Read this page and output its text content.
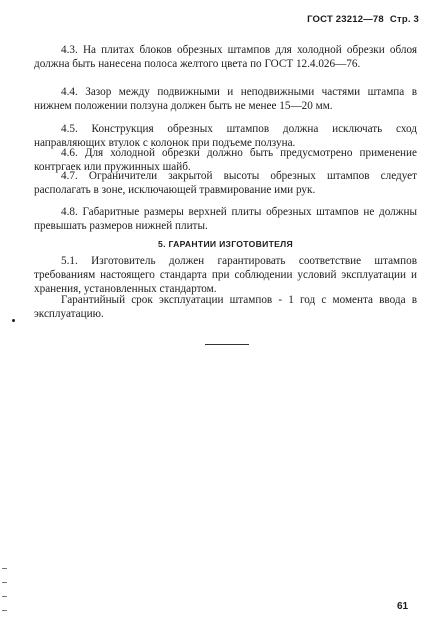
ГОСТ 23212—78 Стр. 3

4.3. На плитах блоков обрезных штампов для холодной обрезки облоя должна быть нанесена полоса желтого цвета по ГОСТ 12.4.026—76.

4.4. Зазор между подвижными и неподвижными частями штампа в нижнем положении ползуна должен быть не менее 15—20 мм.

4.5. Конструкция обрезных штампов должна исключать сход направляющих втулок с колонок при подъеме ползуна.

4.6. Для холодной обрезки должно быть предусмотрено применение контргаек или пружинных шайб.

4.7. Ограничители закрытой высоты обрезных штампов следует располагать в зоне, исключающей травмирование ими рук.

4.8. Габаритные размеры верхней плиты обрезных штампов не должны превышать размеров нижней плиты.

5. ГАРАНТИИ ИЗГОТОВИТЕЛЯ

5.1. Изготовитель должен гарантировать соответствие штампов требованиям настоящего стандарта при соблюдении условий эксплуатации и хранения, установленных стандартом.

Гарантийный срок эксплуатации штампов - 1 год с момента ввода в эксплуатацию.

61
